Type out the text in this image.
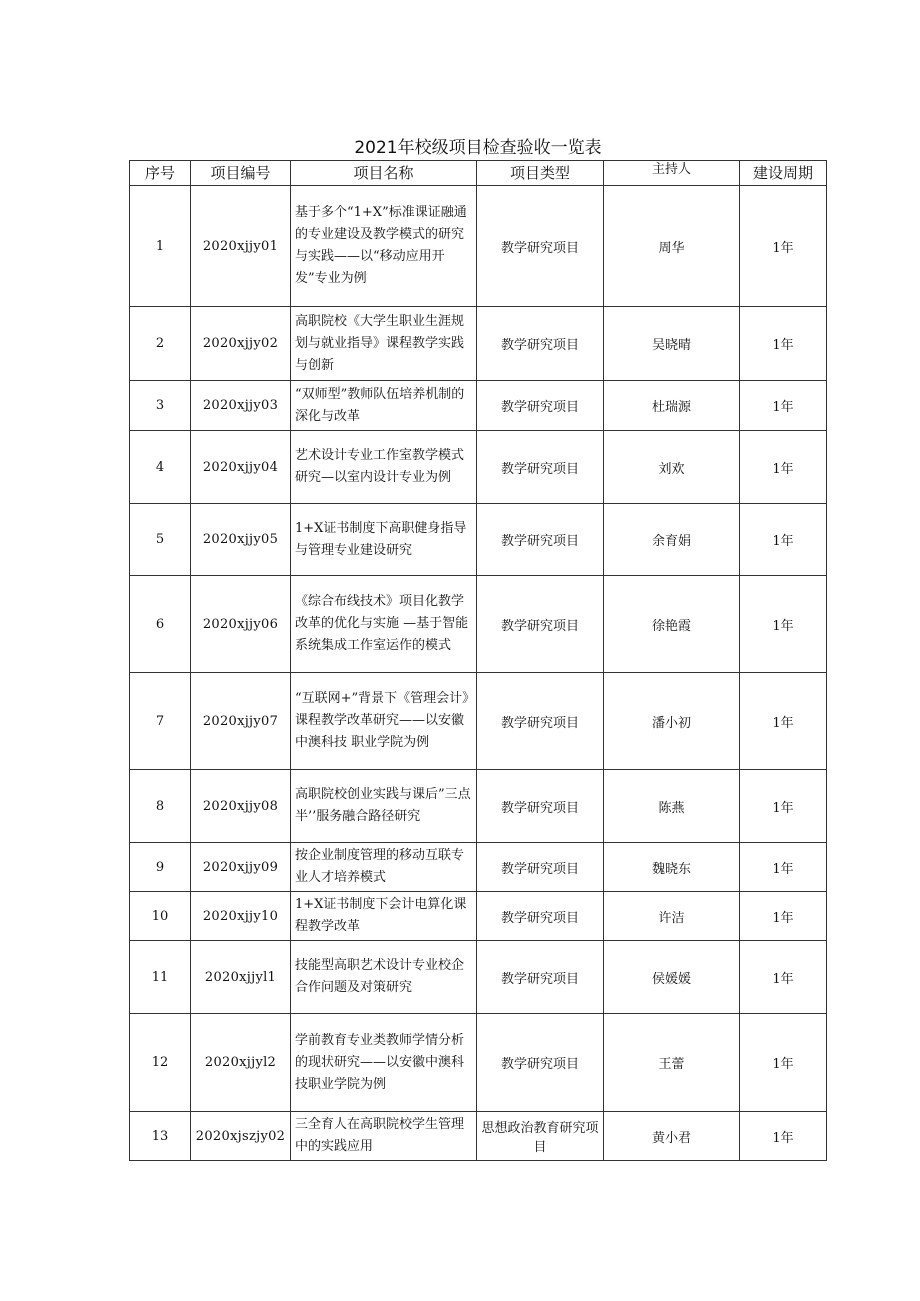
2021年校级项目检查验收一览表
序号	项目编号	项目名称	项目类型	主持人	建设周期
1	2020xjjy01	基于多个“1+X”标准课证融通的专业建设及教学模式的研究与实践——以“移动应用开发”专业为例	教学研究项目	周华	1年
2	2020xjjy02	高职院校《大学生职业生涯规划与就业指导》课程教学实践与创新	教学研究项目	吴晓晴	1年
3	2020xjjy03	“双师型”教师队伍培养机制的深化与改革	教学研究项目	杜瑞源	1年
4	2020xjjy04	艺术设计专业工作室教学模式研究—以室内设计专业为例	教学研究项目	刘欢	1年
5	2020xjjy05	1+X证书制度下高职健身指导与管理专业建设研究	教学研究项目	余育娟	1年
6	2020xjjy06	《综合布线技术》项目化教学改革的优化与实施 —基于智能系统集成工作室运作的模式	教学研究项目	徐艳霞	1年
7	2020xjjy07	“互联网+”背景下《管理会计》课程教学改革研究——以安徽中澳科技 职业学院为例	教学研究项目	潘小初	1年
8	2020xjjy08	高职院校创业实践与课后”三点半’’服务融合路径研究	教学研究项目	陈燕	1年
9	2020xjjy09	按企业制度管理的移动互联专业人才培养模式	教学研究项目	魏晓东	1年
10	2020xjjy10	1+X证书制度下会计电算化课程教学改革	教学研究项目	许洁	1年
11	2020xjjyl1	技能型高职艺术设计专业校企合作问题及对策研究	教学研究项目	侯媛媛	1年
12	2020xjjyl2	学前教育专业类教师学情分析的现状研究——以安徽中澳科技职业学院为例	教学研究项目	王蕾	1年
13	2020xjszjy02	三全育人在高职院校学生管理中的实践应用	思想政治教育研究项目	黄小君	1年
